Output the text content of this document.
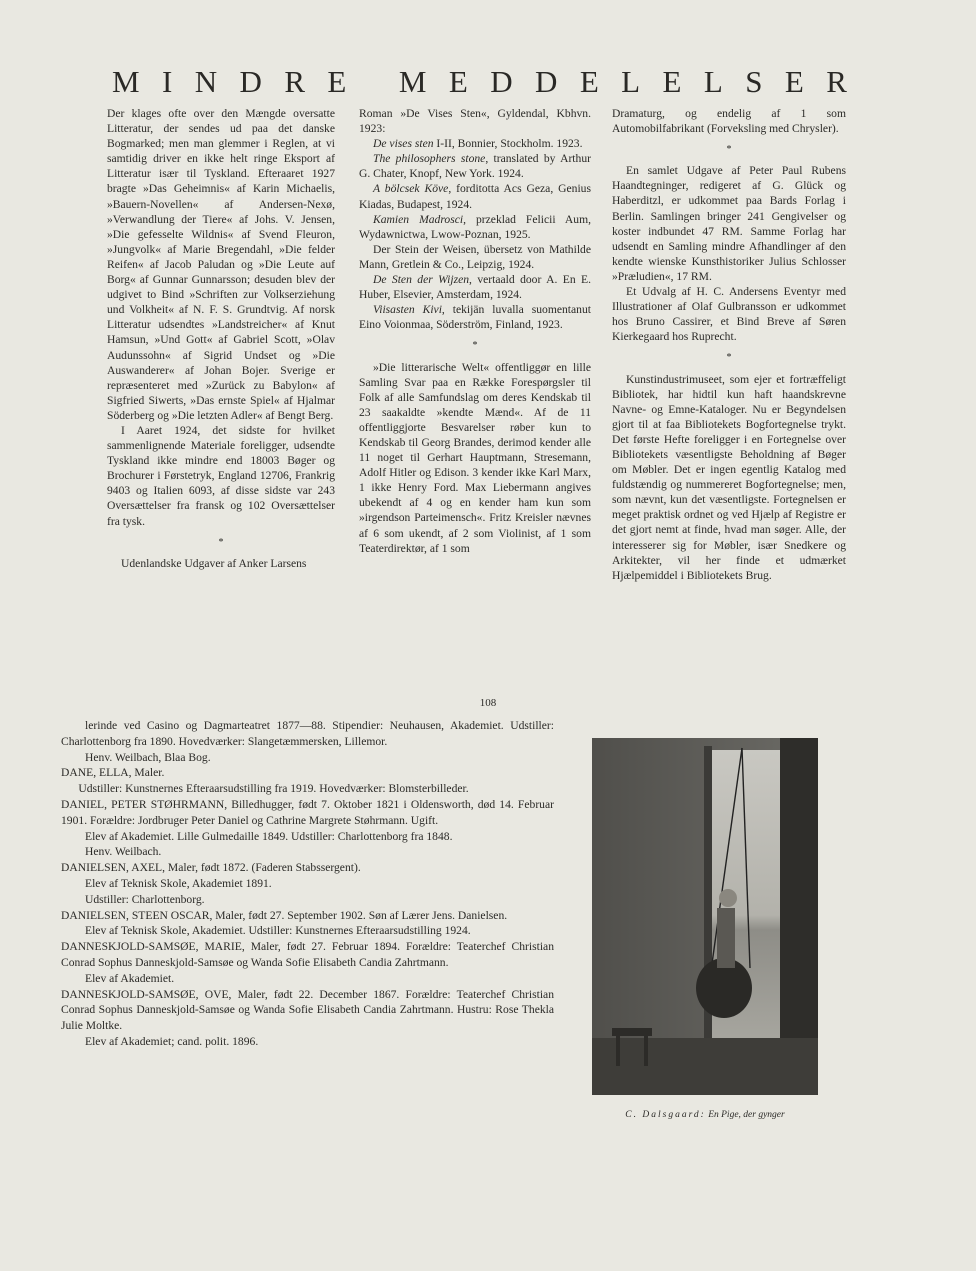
M I N D R E
M E D D E L E L S E R

Der klages ofte over den Mængde oversatte Litteratur, der sendes ud paa det danske Bogmarked; men man glemmer i Reglen, at vi samtidig driver en ikke helt ringe Eksport af Litteratur især til Tyskland. Efteraaret 1927 bragte »Das Geheimnis« af Karin Michaelis, »Bauern-Novellen« af Andersen-Nexø, »Verwandlung der Tiere« af Johs. V. Jensen, »Die gefesselte Wildnis« af Svend Fleuron, »Jungvolk« af Marie Bregendahl, »Die felder Reifen« af Jacob Paludan og »Die Leute auf Borg« af Gunnar Gunnarsson; desuden blev der udgivet to Bind »Schriften zur Volkserziehung und Volkheit« af N. F. S. Grundtvig. Af norsk Litteratur udsendtes »Landstreicher« af Knut Hamsun, »Und Gott« af Gabriel Scott, »Olav Audunssohn« af Sigrid Undset og »Die Auswanderer« af Johan Bojer. Sverige er repræsenteret med »Zurück zu Babylon« af Sigfried Siwerts, »Das ernste Spiel« af Hjalmar Söderberg og »Die letzten Adler« af Bengt Berg.

I Aaret 1924, det sidste for hvilket sammenlignende Materiale foreligger, udsendte Tyskland ikke mindre end 18003 Bøger og Brochurer i Førstetryk, England 12706, Frankrig 9403 og Italien 6093, af disse sidste var 243 Oversættelser fra fransk og 102 Oversættelser fra tysk.

*

Udenlandske Udgaver af Anker Larsens

Roman »De Vises Sten«, Gyldendal, Kbhvn. 1923:

De vises sten I-II, Bonnier, Stockholm. 1923.

The philosophers stone, translated by Arthur G. Chater, Knopf, New York. 1924.

A bölcsek Köve, forditotta Acs Geza, Genius Kiadas, Budapest, 1924.

Kamien Madrosci, przeklad Felicii Aum, Wydawnictwa, Lwow-Poznan, 1925.

Der Stein der Weisen, übersetz von Mathilde Mann, Gretlein & Co., Leipzig, 1924.

De Sten der Wijzen, vertaald door A. En E. Huber, Elsevier, Amsterdam, 1924.

Viisasten Kivi, tekijän luvalla suomentanut Eino Voionmaa, Söderström, Finland, 1923.

*

»Die litterarische Welt« offentliggør en lille Samling Svar paa en Række Forespørgsler til Folk af alle Samfundslag om deres Kendskab til 23 saakaldte »kendte Mænd«. Af de 11 offentliggjorte Besvarelser røber kun to Kendskab til Georg Brandes, derimod kender alle 11 noget til Gerhart Hauptmann, Stresemann, Adolf Hitler og Edison. 3 kender ikke Karl Marx, 1 ikke Henry Ford. Max Liebermann angives ubekendt af 4 og en kender ham kun som »irgendson Parteimensch«. Fritz Kreisler nævnes af 6 som ukendt, af 2 som Violinist, af 1 som Teaterdirektør, af 1 som

Dramaturg, og endelig af 1 som Automobilfabrikant (Forveksling med Chrysler).

*

En samlet Udgave af Peter Paul Rubens Haandtegninger, redigeret af G. Glück og Haberditzl, er udkommet paa Bards Forlag i Berlin. Samlingen bringer 241 Gengivelser og koster indbundet 47 RM. Samme Forlag har udsendt en Samling mindre Afhandlinger af den kendte wienske Kunsthistoriker Julius Schlosser »Præludien«, 17 RM.

Et Udvalg af H. C. Andersens Eventyr med Illustrationer af Olaf Gulbransson er udkommet hos Bruno Cassirer, et Bind Breve af Søren Kierkegaard hos Ruprecht.

*

Kunstindustrimuseet, som ejer et fortræffeligt Bibliotek, har hidtil kun haft haandskrevne Navne- og Emne-Kataloger. Nu er Begyndelsen gjort til at faa Bibliotekets Bogfortegnelse trykt. Det første Hefte foreligger i en Fortegnelse over Bibliotekets væsentligste Beholdning af Bøger om Møbler. Det er ingen egentlig Katalog med fuldstændig og nummereret Bogfortegnelse; men, som nævnt, kun det væsentligste. Fortegnelsen er meget praktisk ordnet og ved Hjælp af Registre er det gjort nemt at finde, hvad man søger. Alle, der interesserer sig for Møbler, især Snedkere og Arkitekter, vil her finde et udmærket Hjælpemiddel i Bibliotekets Brug.

108

lerinde ved Casino og Dagmarteatret 1877—88. Stipendier: Neuhausen, Akademiet. Udstiller: Charlottenborg fra 1890. Hovedværker: Slangetæmmersken, Lillemor.

Henv. Weilbach, Blaa Bog.

DANE, ELLA, Maler.

Udstiller: Kunstnernes Efteraarsudstilling fra 1919. Hovedværker: Blomsterbilleder.

DANIEL, PETER STØHRMANN, Billedhugger, født 7. Oktober 1821 i Oldensworth, død 14. Februar 1901. Forældre: Jordbruger Peter Daniel og Cathrine Margrete Støhrmann. Ugift.

Elev af Akademiet. Lille Gulmedaille 1849. Udstiller: Charlottenborg fra 1848.

Henv. Weilbach.

DANIELSEN, AXEL, Maler, født 1872. (Faderen Stabssergent).

Elev af Teknisk Skole, Akademiet 1891.

Udstiller: Charlottenborg.

DANIELSEN, STEEN OSCAR, Maler, født 27. September 1902. Søn af Lærer Jens. Danielsen.

Elev af Teknisk Skole, Akademiet. Udstiller: Kunstnernes Efteraarsudstilling 1924.

DANNESKJOLD-SAMSØE, MARIE, Maler, født 27. Februar 1894. Forældre: Teaterchef Christian Conrad Sophus Danneskjold-Samsøe og Wanda Sofie Elisabeth Candia Zahrtmann.

Elev af Akademiet.

DANNESKJOLD-SAMSØE, OVE, Maler, født 22. December 1867. Forældre: Teaterchef Christian Conrad Sophus Danneskjold-Samsøe og Wanda Sofie Elisabeth Candia Zahrtmann. Hustru: Rose Thekla Julie Moltke.

Elev af Akademiet; cand. polit. 1896.

C. Dalsgaard: En Pige, der gynger
